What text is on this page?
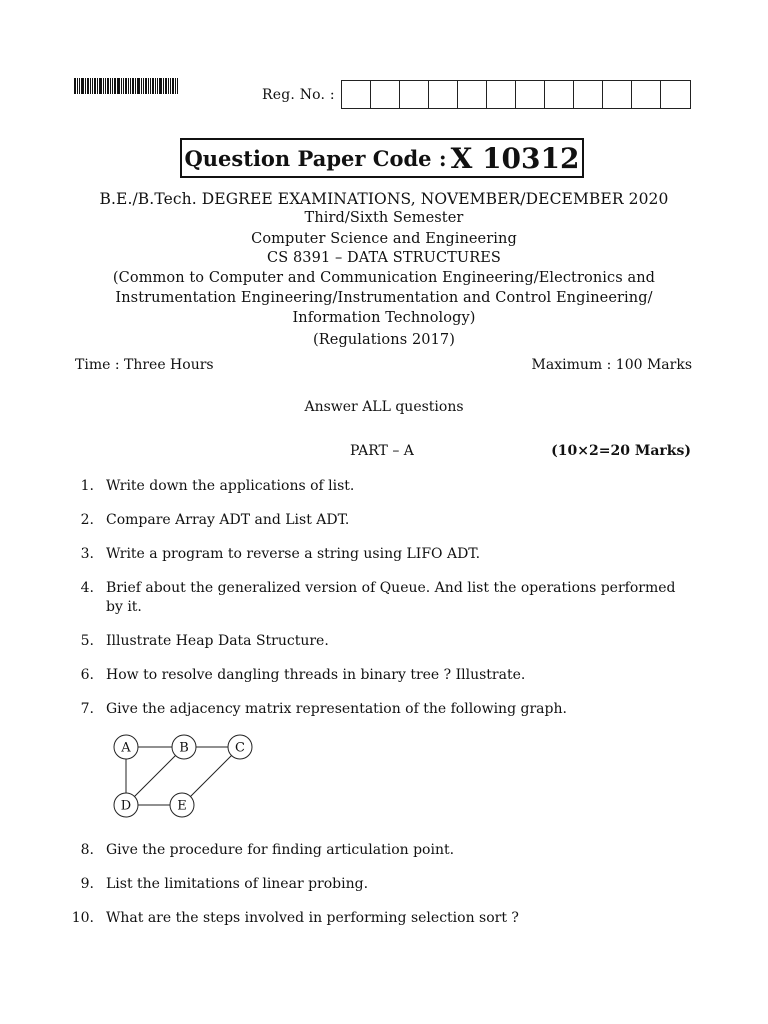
Reg. No. :
Question Paper Code : X 10312
B.E./B.Tech. DEGREE EXAMINATIONS, NOVEMBER/DECEMBER 2020
Third/Sixth Semester
Computer Science and Engineering
CS 8391 – DATA STRUCTURES
(Common to Computer and Communication Engineering/Electronics and
Instrumentation Engineering/Instrumentation and Control Engineering/
Information Technology)
(Regulations 2017)
Time : Three Hours	Maximum : 100 Marks
Answer ALL questions
PART – A	(10×2=20 Marks)
1. Write down the applications of list.
2. Compare Array ADT and List ADT.
3. Write a program to reverse a string using LIFO ADT.
4. Brief about the generalized version of Queue. And list the operations performed by it.
5. Illustrate Heap Data Structure.
6. How to resolve dangling threads in binary tree ? Illustrate.
7. Give the adjacency matrix representation of the following graph.
8. Give the procedure for finding articulation point.
9. List the limitations of linear probing.
10. What are the steps involved in performing selection sort ?
A	B	C
D	E
